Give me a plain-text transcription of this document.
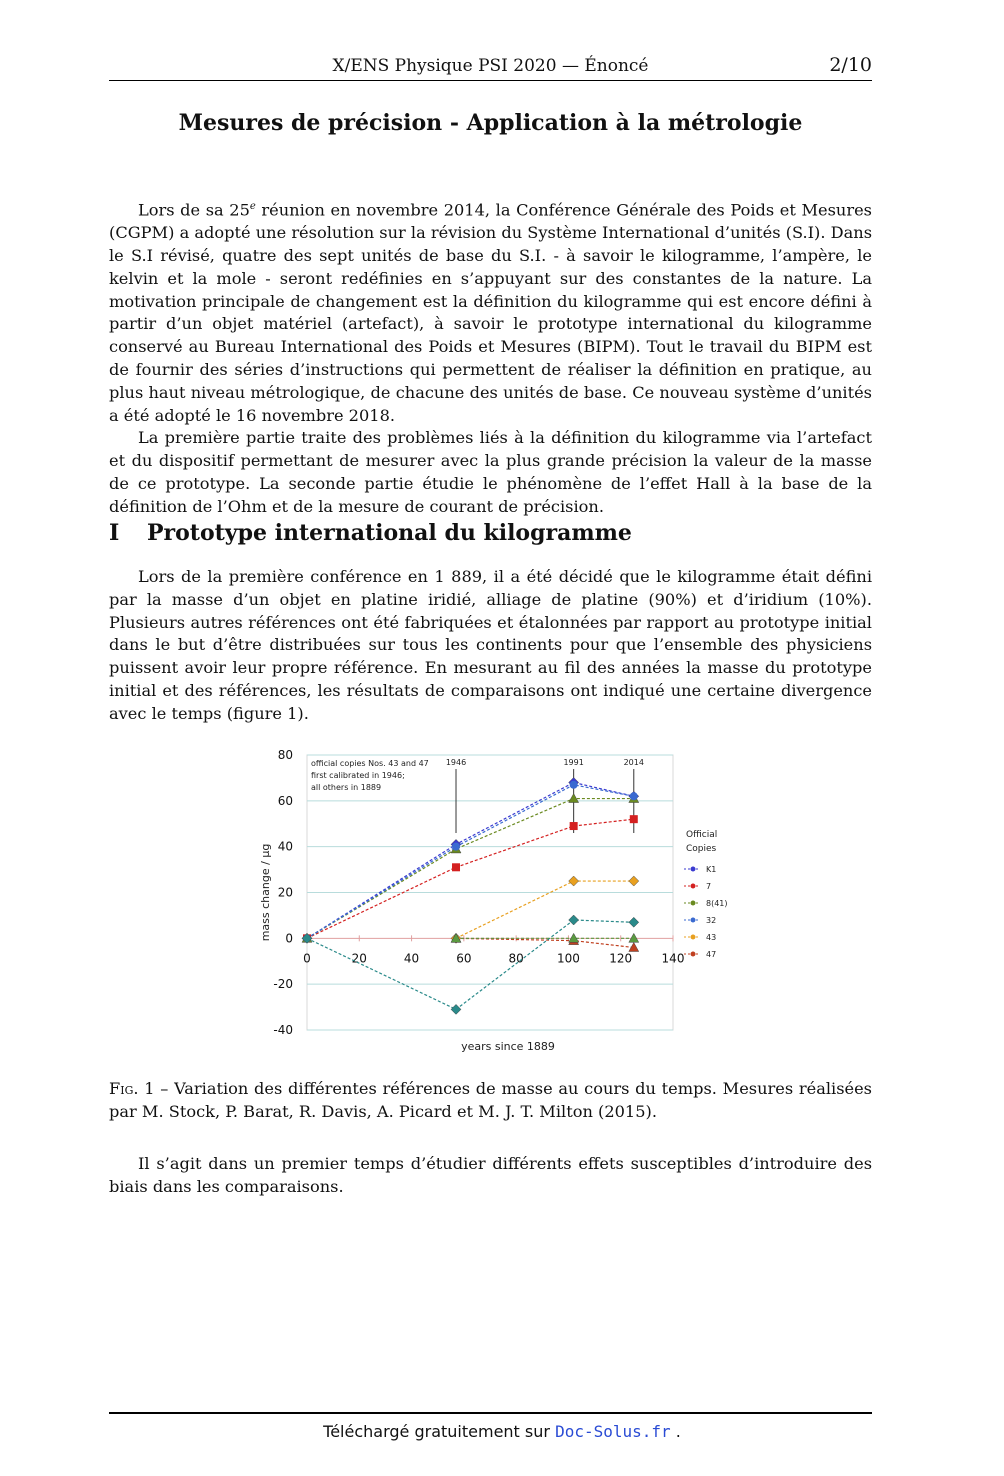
X/ENS Physique PSI 2020 — Énoncé	2/10
Mesures de précision - Application à la métrologie

Lors de sa 25e réunion en novembre 2014, la Conférence Générale des Poids et Mesures (CGPM) a adopté une résolution sur la révision du Système International d’unités (S.I). Dans le S.I révisé, quatre des sept unités de base du S.I. - à savoir le kilogramme, l’ampère, le kelvin et la mole - seront redéfinies en s’appuyant sur des constantes de la nature. La motivation principale de changement est la définition du kilogramme qui est encore défini à partir d’un objet matériel (artefact), à savoir le prototype international du kilogramme conservé au Bureau International des Poids et Mesures (BIPM). Tout le travail du BIPM est de fournir des séries d’instructions qui permettent de réaliser la définition en pratique, au plus haut niveau métrologique, de chacune des unités de base. Ce nouveau système d’unités a été adopté le 16 novembre 2018.

La première partie traite des problèmes liés à la définition du kilogramme via l’artefact et du dispositif permettant de mesurer avec la plus grande précision la valeur de la masse de ce prototype. La seconde partie étudie le phénomène de l’effet Hall à la base de la définition de l’Ohm et de la mesure de courant de précision.

I Prototype international du kilogramme

Lors de la première conférence en 1 889, il a été décidé que le kilogramme était défini par la masse d’un objet en platine iridié, alliage de platine (90%) et d’iridium (10%). Plusieurs autres références ont été fabriquées et étalonnées par rapport au prototype initial dans le but d’être distribuées sur tous les continents pour que l’ensemble des physiciens puissent avoir leur propre référence. En mesurant au fil des années la masse du prototype initial et des références, les résultats de comparaisons ont indiqué une certaine divergence avec le temps (figure 1).

80
60
40
20
0
-20
-40
0	20	40	60	80	100 120 140
years since 1889
mass change / µg
official copies Nos. 43 and 47
first calibrated in 1946;
all others in 1889
1946	1991	2014
Official
Copies
K1
7
8(41)
32
43
47
Fig. 1 – Variation des différentes références de masse au cours du temps. Mesures réalisées par M. Stock, P. Barat, R. Davis, A. Picard et M. J. T. Milton (2015).

Il s’agit dans un premier temps d’étudier différents effets susceptibles d’introduire des biais dans les comparaisons.

Téléchargé gratuitement sur Doc-Solus.fr .
